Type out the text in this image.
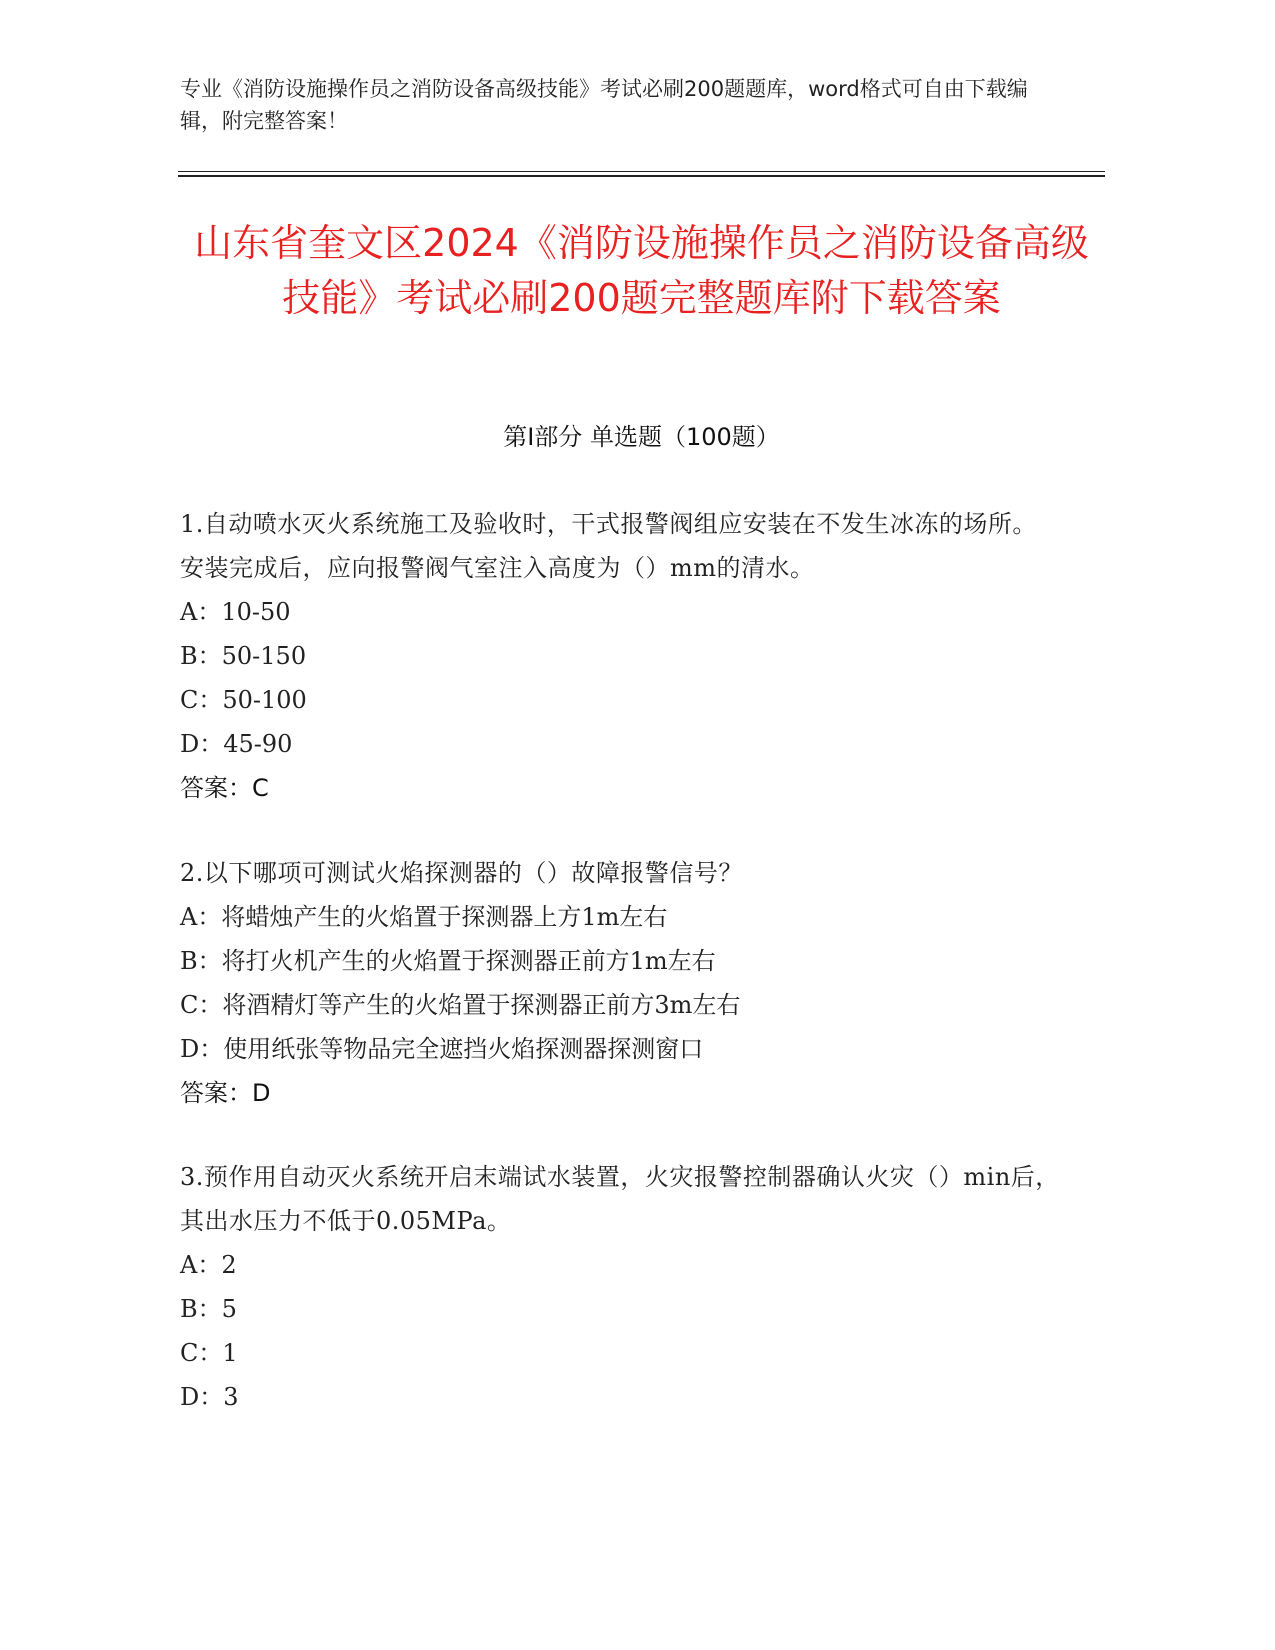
专业《消防设施操作员之消防设备高级技能》考试必刷200题题库，word格式可自由下载编辑，附完整答案！
山东省奎文区2024《消防设施操作员之消防设备高级技能》考试必刷200题完整题库附下载答案
第I部分 单选题（100题）
1.自动喷水灭火系统施工及验收时，干式报警阀组应安装在不发生冰冻的场所。安装完成后，应向报警阀气室注入高度为（）mm的清水。
A：10-50
B：50-150
C：50-100
D：45-90
答案：C
2.以下哪项可测试火焰探测器的（）故障报警信号？
A：将蜡烛产生的火焰置于探测器上方1m左右
B：将打火机产生的火焰置于探测器正前方1m左右
C：将酒精灯等产生的火焰置于探测器正前方3m左右
D：使用纸张等物品完全遮挡火焰探测器探测窗口
答案：D
3.预作用自动灭火系统开启末端试水装置，火灾报警控制器确认火灾（）min后，其出水压力不低于0.05MPa。
A：2
B：5
C：1
D：3
